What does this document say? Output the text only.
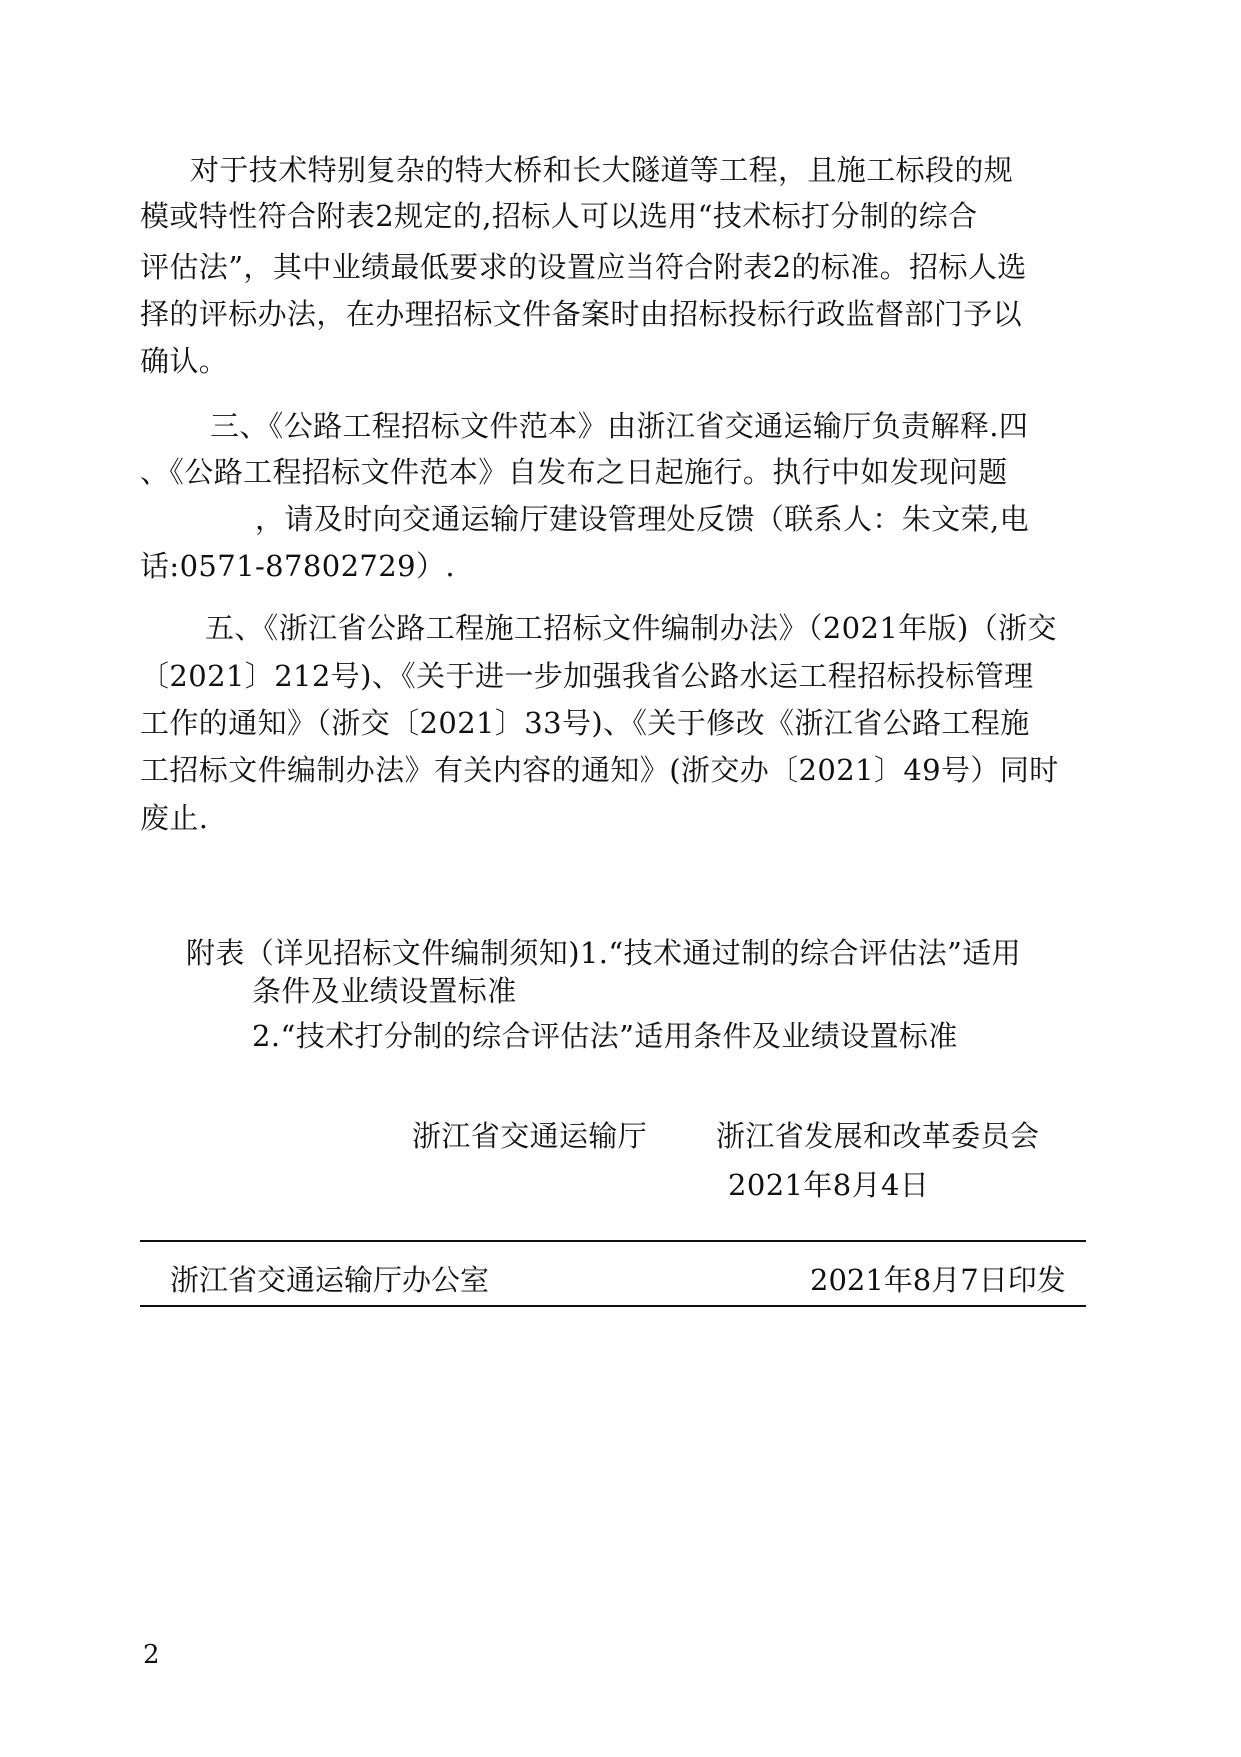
对于技术特别复杂的特大桥和长大隧道等工程，且施工标段的规
模或特性符合附表2规定的,招标人可以选用“技术标打分制的综合
评估法”，其中业绩最低要求的设置应当符合附表2的标准。招标人选
择的评标办法，在办理招标文件备案时由招标投标行政监督部门予以
确认。
三、《公路工程招标文件范本》由浙江省交通运输厅负责解释.四
、《公路工程招标文件范本》自发布之日起施行。执行中如发现问题
，请及时向交通运输厅建设管理处反馈（联系人：朱文荣,电
话:0571-87802729）.
五、《浙江省公路工程施工招标文件编制办法》（2021年版)（浙交
〔2021〕212号)、《关于进一步加强我省公路水运工程招标投标管理
工作的通知》（浙交〔2021〕33号)、《关于修改《浙江省公路工程施
工招标文件编制办法》有关内容的通知》(浙交办〔2021〕49号）同时
废止.
附表（详见招标文件编制须知)1.“技术通过制的综合评估法”适用
条件及业绩设置标准
2.“技术打分制的综合评估法”适用条件及业绩设置标准
浙江省交通运输厅 浙江省发展和改革委员会
2021年8月4日
浙江省交通运输厅办公室	2021年8月7日印发
2
